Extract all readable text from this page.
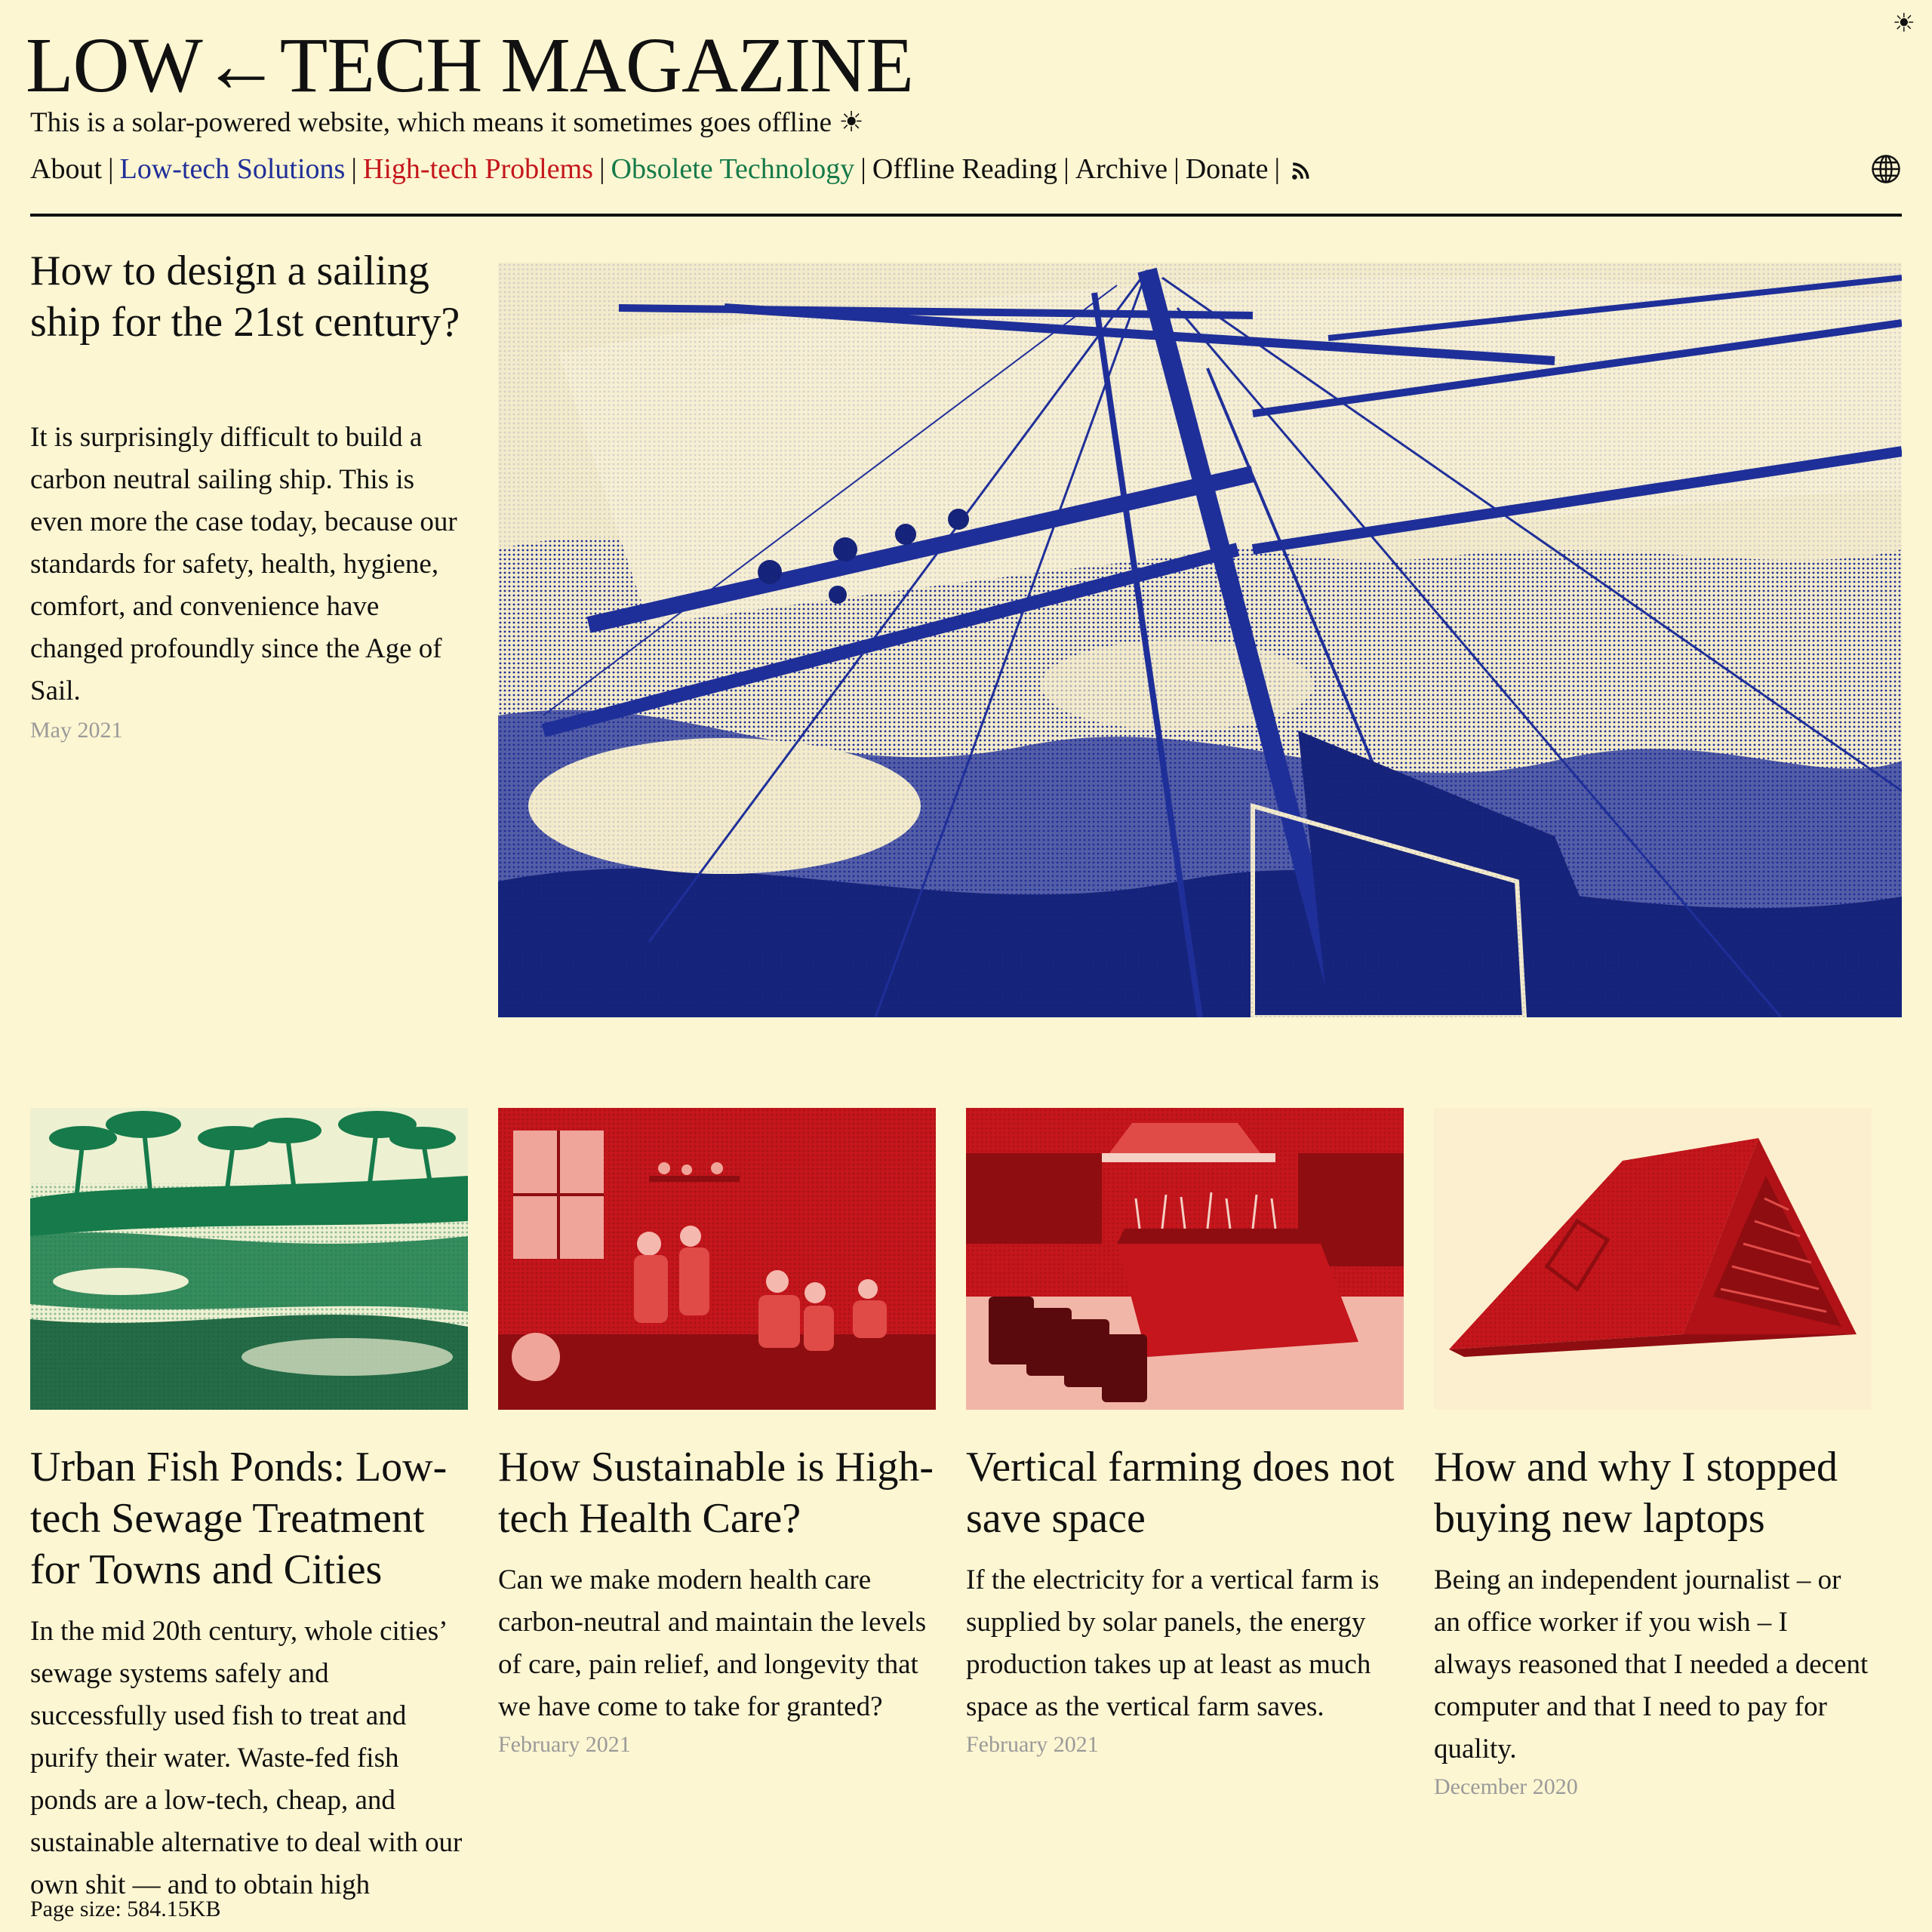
☀
LOW←TECH MAGAZINE
This is a solar-powered website, which means it sometimes goes offline ☀
About | Low-tech Solutions | High-tech Problems | Obsolete Technology | Offline Reading | Archive | Donate |
How to design a sailing ship for the 21st century?

It is surprisingly difficult to build a carbon neutral sailing ship. This is even more the case today, because our standards for safety, health, hygiene, comfort, and convenience have changed profoundly since the Age of Sail.

May 2021
Urban Fish Ponds: Low-tech Sewage Treatment for Towns and Cities

In the mid 20th century, whole cities’ sewage systems safely and successfully used fish to treat and purify their water. Waste-fed fish ponds are a low-tech, cheap, and sustainable alternative to deal with our own shit — and to obtain high

How Sustainable is High-tech Health Care?

Can we make modern health care carbon-neutral and maintain the levels of care, pain relief, and longevity that we have come to take for granted?

February 2021
Vertical farming does not save space

If the electricity for a vertical farm is supplied by solar panels, the energy production takes up at least as much space as the vertical farm saves.

February 2021
How and why I stopped buying new laptops

Being an independent journalist – or an office worker if you wish – I always reasoned that I needed a decent computer and that I need to pay for quality.

December 2020
Page size: 584.15KB
